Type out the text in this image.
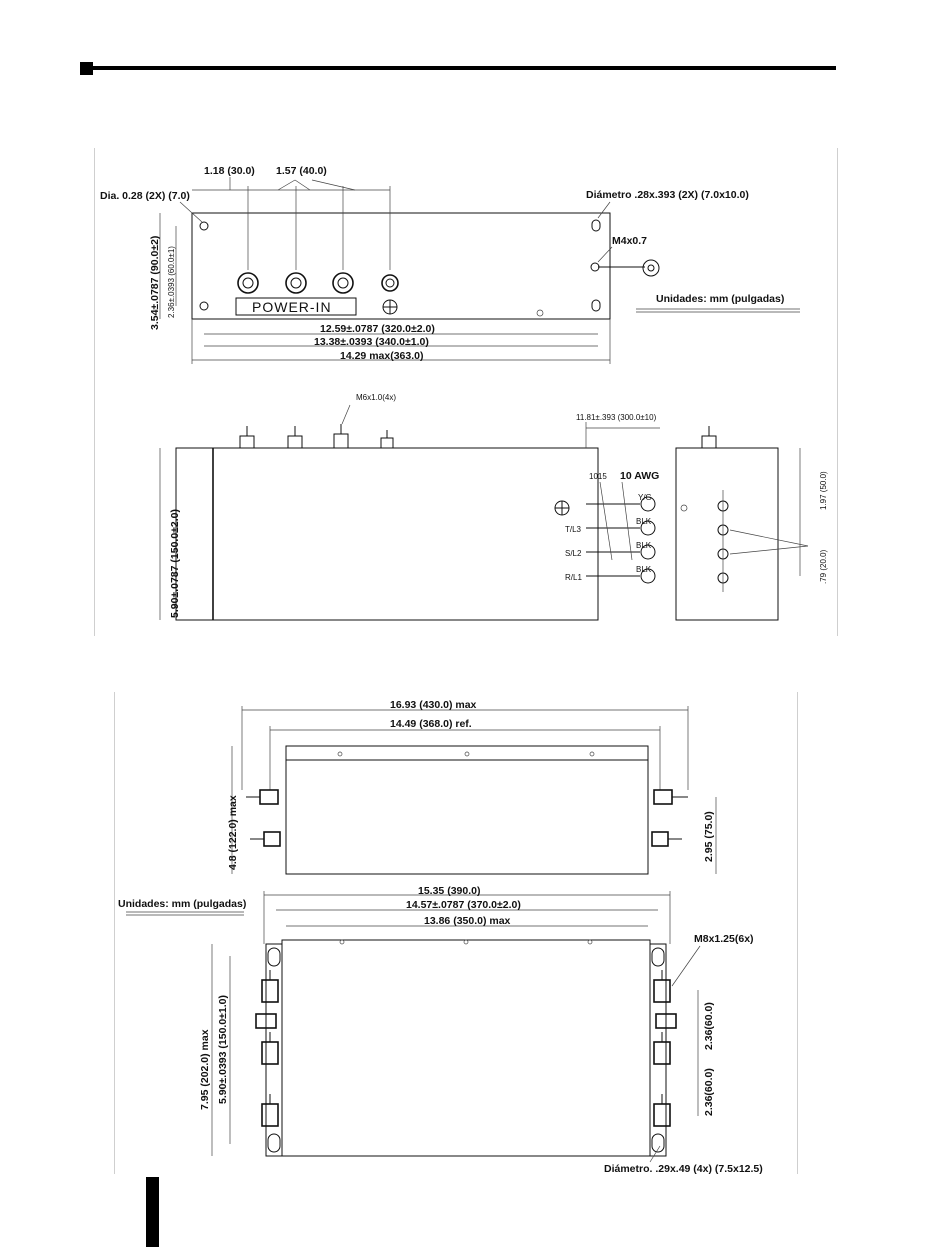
POWER-IN
M4x0.7
1.18 (30.0) 1.57 (40.0)
Dia. 0.28 (2X) (7.0)	Diámetro .28x.393 (2X) (7.0x10.0)
Unidades: mm (pulgadas)
3.54±.0787 (90.0±2) 2.36±.0393 (60.0±1)
12.59±.0787 (320.0±2.0)
13.38±.0393 (340.0±1.0)
14.29 max(363.0)
M6x1.0(4x)
T/L3
S/L2
R/L1
Y/G
BLK
BLK
BLK
1015 10 AWG
11.81±.393 (300.0±10)
5.90±.0787 (150.0±2.0)
1.97 (50.0)
.79 (20.0)
16.93 (430.0) max
14.49 (368.0) ref.
4.8 (122.0) max	2.95 (75.0)
Unidades: mm (pulgadas)
15.35 (390.0)
14.57±.0787 (370.0±2.0)
13.86 (350.0) max
M8x1.25(6x)
7.95 (202.0) max 5.90±.0393 (150.0±1.0)	2.36(60.0)
2.36(60.0)
Diámetro. .29x.49 (4x) (7.5x12.5)
